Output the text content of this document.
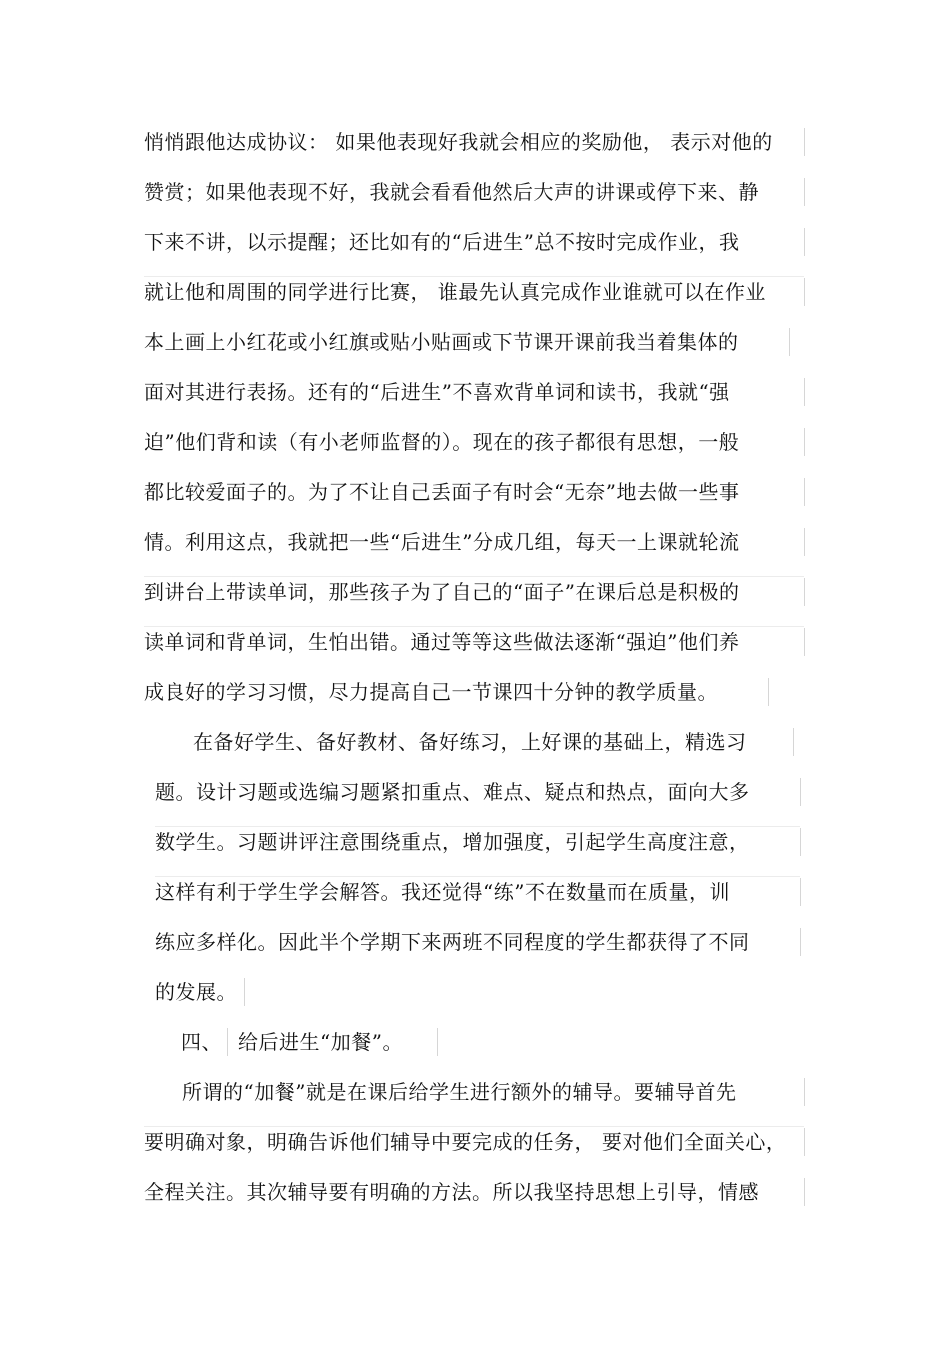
悄悄跟他达成协议： 如果他表现好我就会相应的奖励他， 表示对他的
赞赏；如果他表现不好，我就会看看他然后大声的讲课或停下来、静
下来不讲，以示提醒；还比如有的“后进生”总不按时完成作业，我
就让他和周围的同学进行比赛， 谁最先认真完成作业谁就可以在作业
本上画上小红花或小红旗或贴小贴画或下节课开课前我当着集体的
面对其进行表扬。还有的“后进生”不喜欢背单词和读书，我就“强
迫”他们背和读（有小老师监督的）。现在的孩子都很有思想，一般
都比较爱面子的。为了不让自己丢面子有时会“无奈”地去做一些事
情。利用这点，我就把一些“后进生”分成几组，每天一上课就轮流
到讲台上带读单词，那些孩子为了自己的“面子”在课后总是积极的
读单词和背单词，生怕出错。通过等等这些做法逐渐“强迫”他们养
成良好的学习习惯，尽力提高自己一节课四十分钟的教学质量。
在备好学生、备好教材、备好练习，上好课的基础上，精选习
题。设计习题或选编习题紧扣重点、难点、疑点和热点，面向大多
数学生。习题讲评注意围绕重点，增加强度，引起学生高度注意，
这样有利于学生学会解答。我还觉得“练”不在数量而在质量，训
练应多样化。因此半个学期下来两班不同程度的学生都获得了不同
的发展。
四、 给后进生“加餐”。
所谓的“加餐”就是在课后给学生进行额外的辅导。要辅导首先
要明确对象，明确告诉他们辅导中要完成的任务， 要对他们全面关心，
全程关注。其次辅导要有明确的方法。所以我坚持思想上引导，情感
